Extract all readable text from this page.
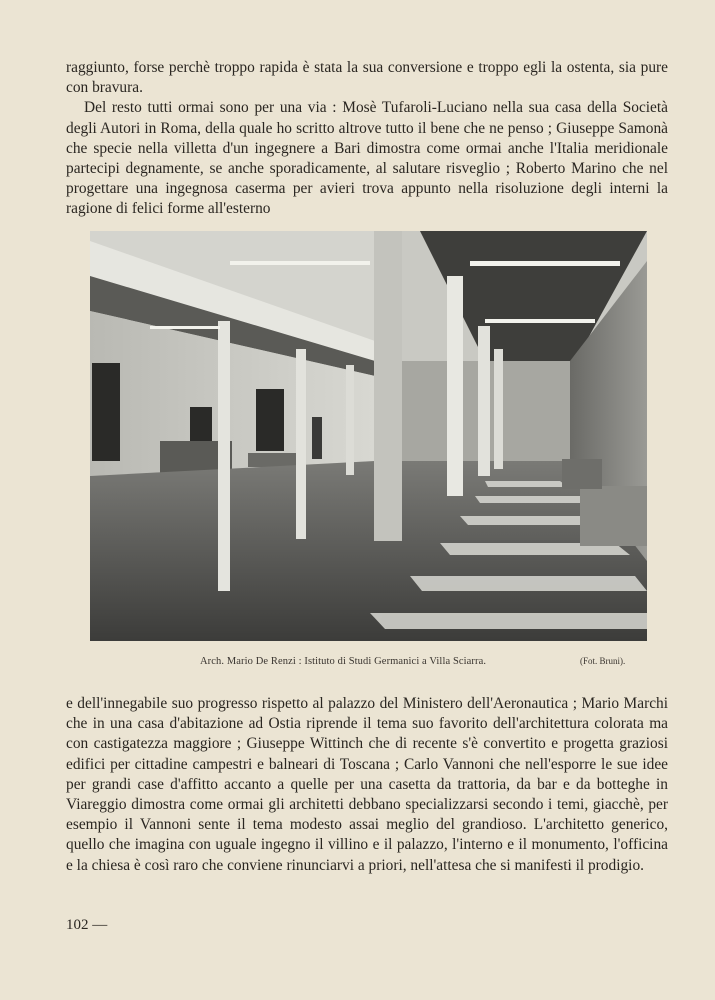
raggiunto, forse perchè troppo rapida è stata la sua conversione e troppo egli la ostenta, sia pure con bravura.

Del resto tutti ormai sono per una via : Mosè Tufaroli-Luciano nella sua casa della Società degli Autori in Roma, della quale ho scritto altrove tutto il bene che ne penso ; Giuseppe Samonà che specie nella villetta d'un ingegnere a Bari dimostra come ormai anche l'Italia meridionale partecipi degnamente, se anche sporadicamente, al salutare risveglio ; Roberto Marino che nel progettare una ingegnosa caserma per avieri trova appunto nella risoluzione degli interni la ragione di felici forme all'esterno

Arch. Mario De Renzi : Istituto di Studi Germanici a Villa Sciarra.	(Fot. Bruni).

e dell'innegabile suo progresso rispetto al palazzo del Ministero dell'Aeronautica ; Mario Marchi che in una casa d'abitazione ad Ostia riprende il tema suo favorito dell'architettura colorata ma con castigatezza maggiore ; Giuseppe Wittinch che di recente s'è convertito e progetta graziosi edifici per cittadine campestri e balneari di Toscana ; Carlo Vannoni che nell'esporre le sue idee per grandi case d'affitto accanto a quelle per una casetta da trattoria, da bar e da botteghe in Viareggio dimostra come ormai gli architetti debbano specializzarsi secondo i temi, giacchè, per esempio il Vannoni sente il tema modesto assai meglio del grandioso. L'architetto generico, quello che imagina con uguale ingegno il villino e il palazzo, l'interno e il monumento, l'officina e la chiesa è così raro che conviene rinunciarvi a priori, nell'attesa che si manifesti il prodigio.

102 —
